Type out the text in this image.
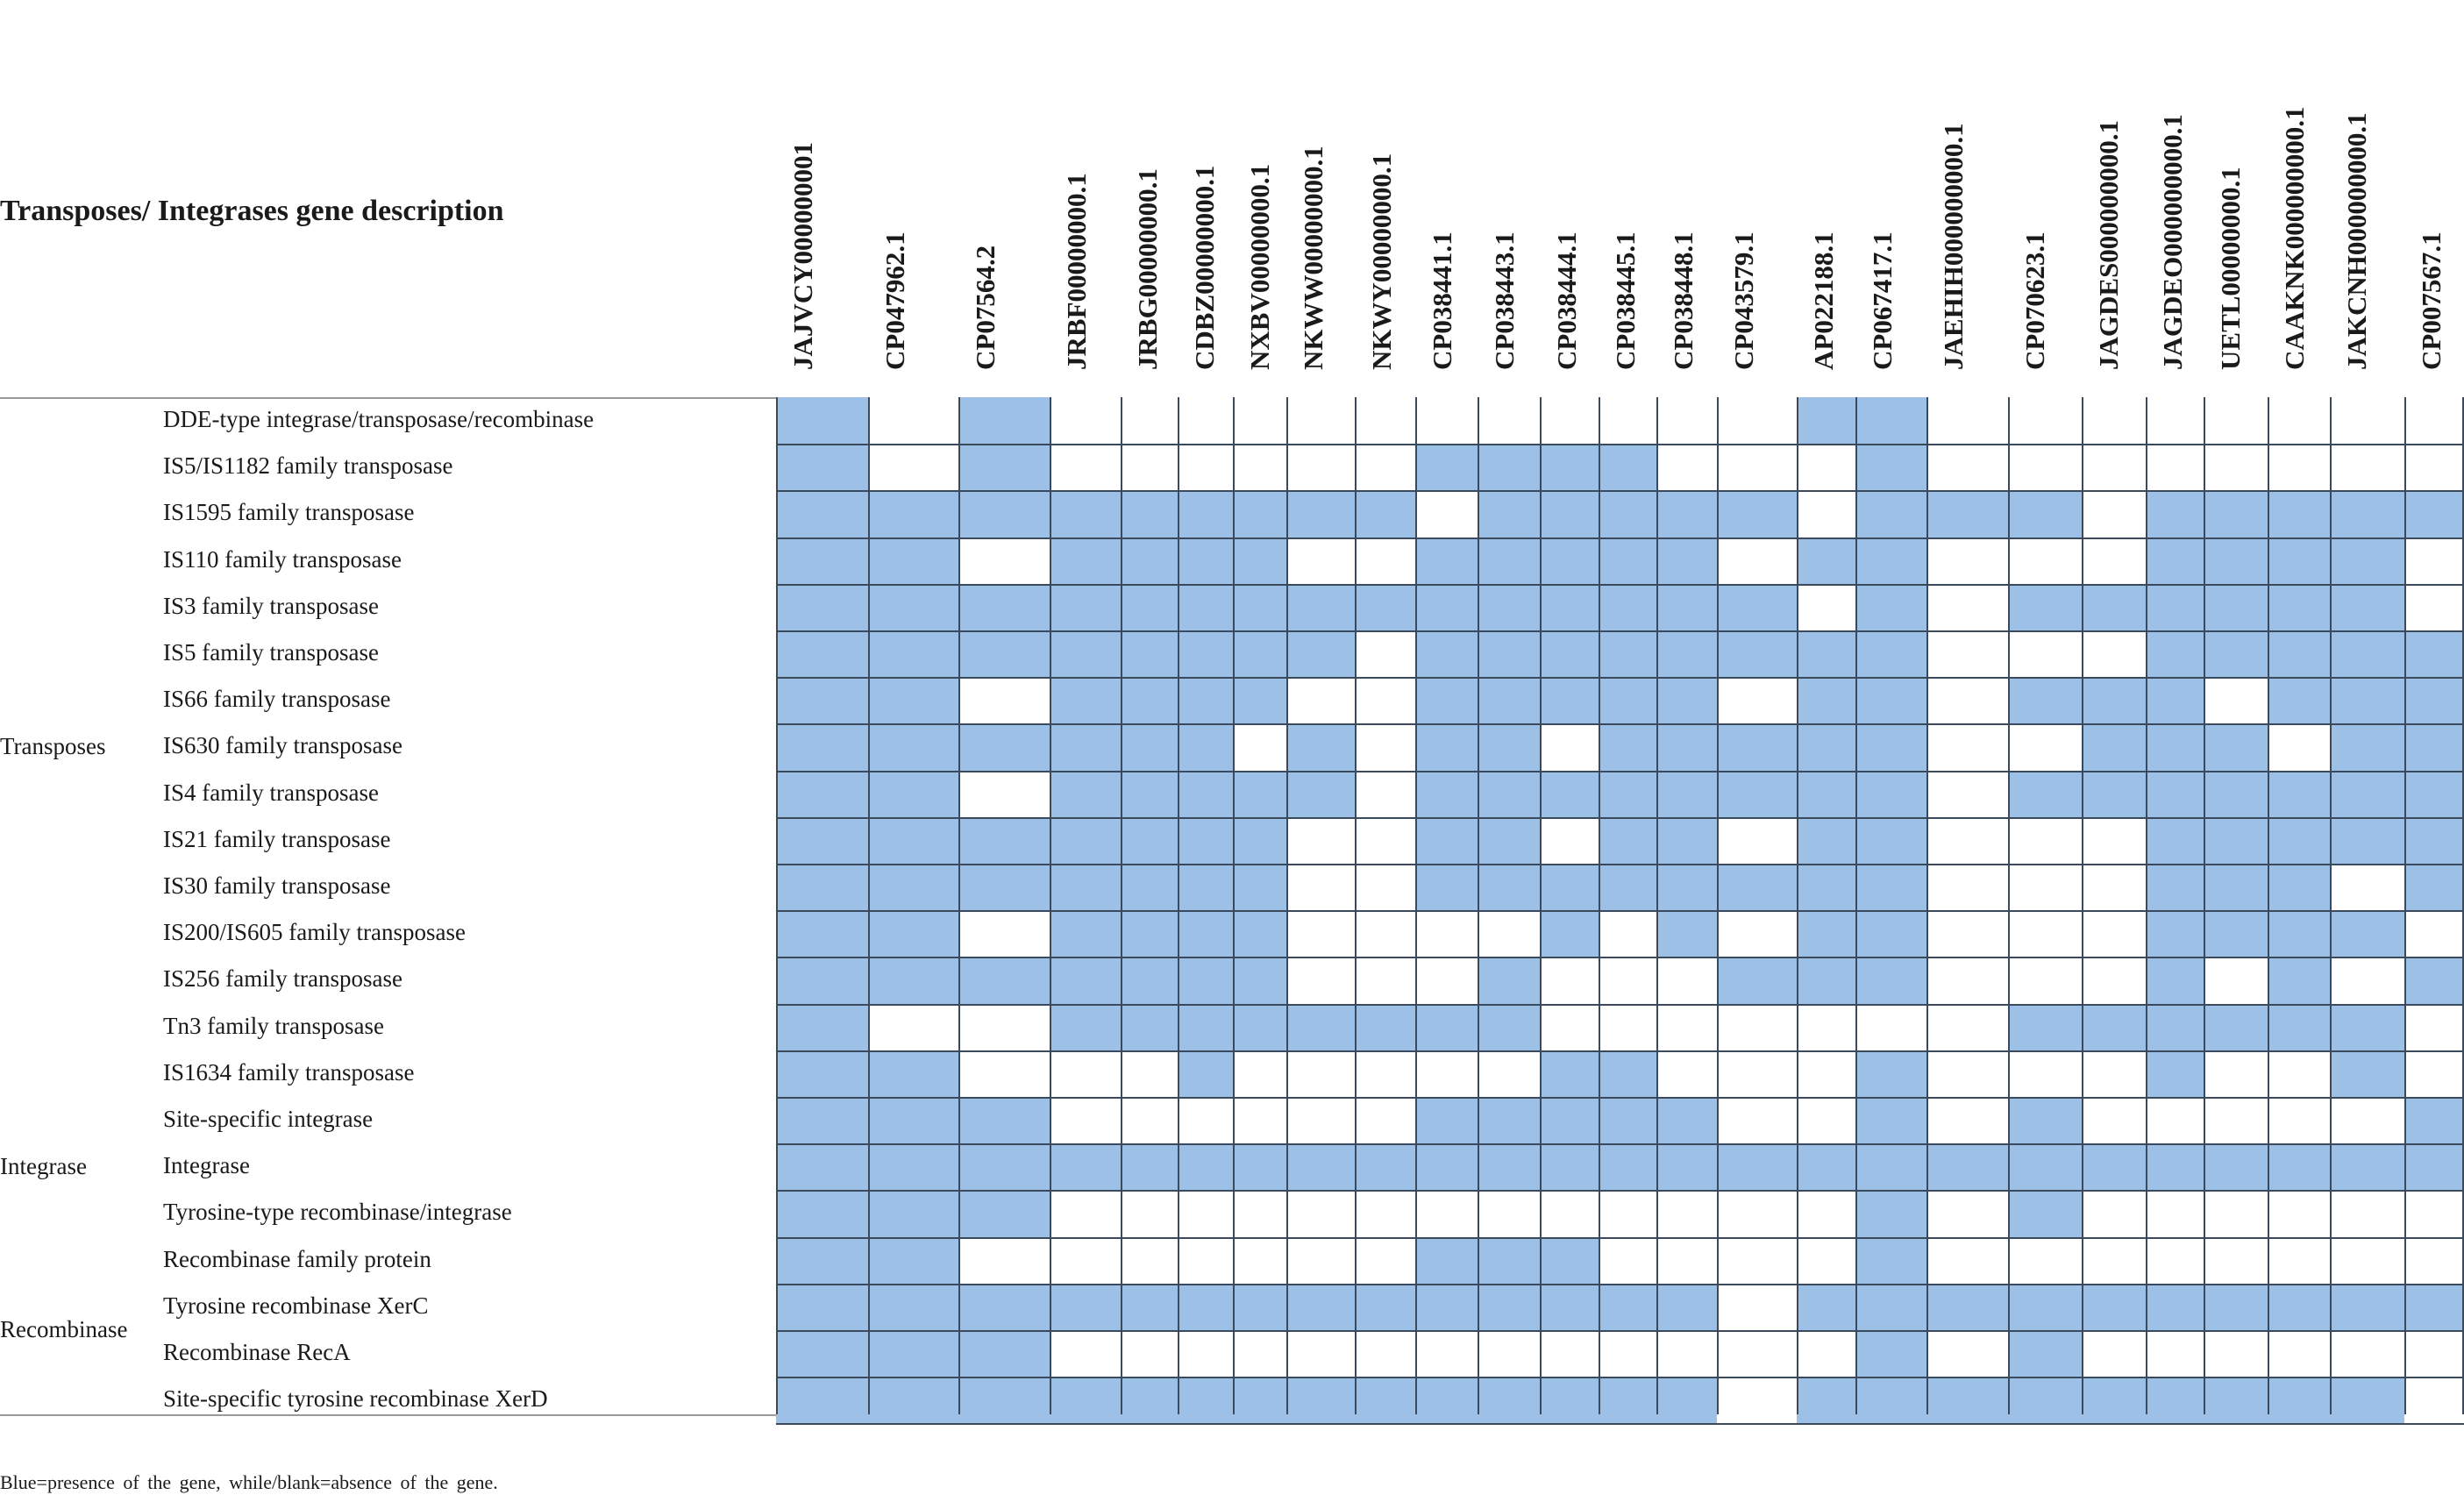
Transposes/ Integrases gene description	JAJVCY000000001 CP047962.1 CP07564.2 JRBF00000000.1 JRBG00000000.1 CDBZ00000000.1 NXBV00000000.1 NKWW00000000.1 NKWY00000000.1 CP038441.1 CP038443.1 CP038444.1 CP038445.1 CP038448.1 CP043579.1 AP022188.1 CP067417.1 JAEHIH000000000.1 CP070623.1 JAGDES000000000.1 JAGDEO000000000.1 UETL00000000.1 CAAKNK000000000.1 JAKCNH000000000.1 CP007567.1
DDE-type integrase/transposase/recombinase
IS5/IS1182 family transposase
IS1595 family transposase
IS110 family transposase
IS3 family transposase
IS5 family transposase
IS66 family transposase
IS630 family transposase
IS4 family transposase
IS21 family transposase
IS30 family transposase
IS200/IS605 family transposase
IS256 family transposase
Tn3 family transposase
IS1634 family transposase
Site-specific integrase
Integrase
Tyrosine-type recombinase/integrase
Recombinase family protein
Tyrosine recombinase XerC
Recombinase RecA
Site-specific tyrosine recombinase XerD
Transposes
Integrase
Recombinase
Blue=presence of the gene, while/blank=absence of the gene.
